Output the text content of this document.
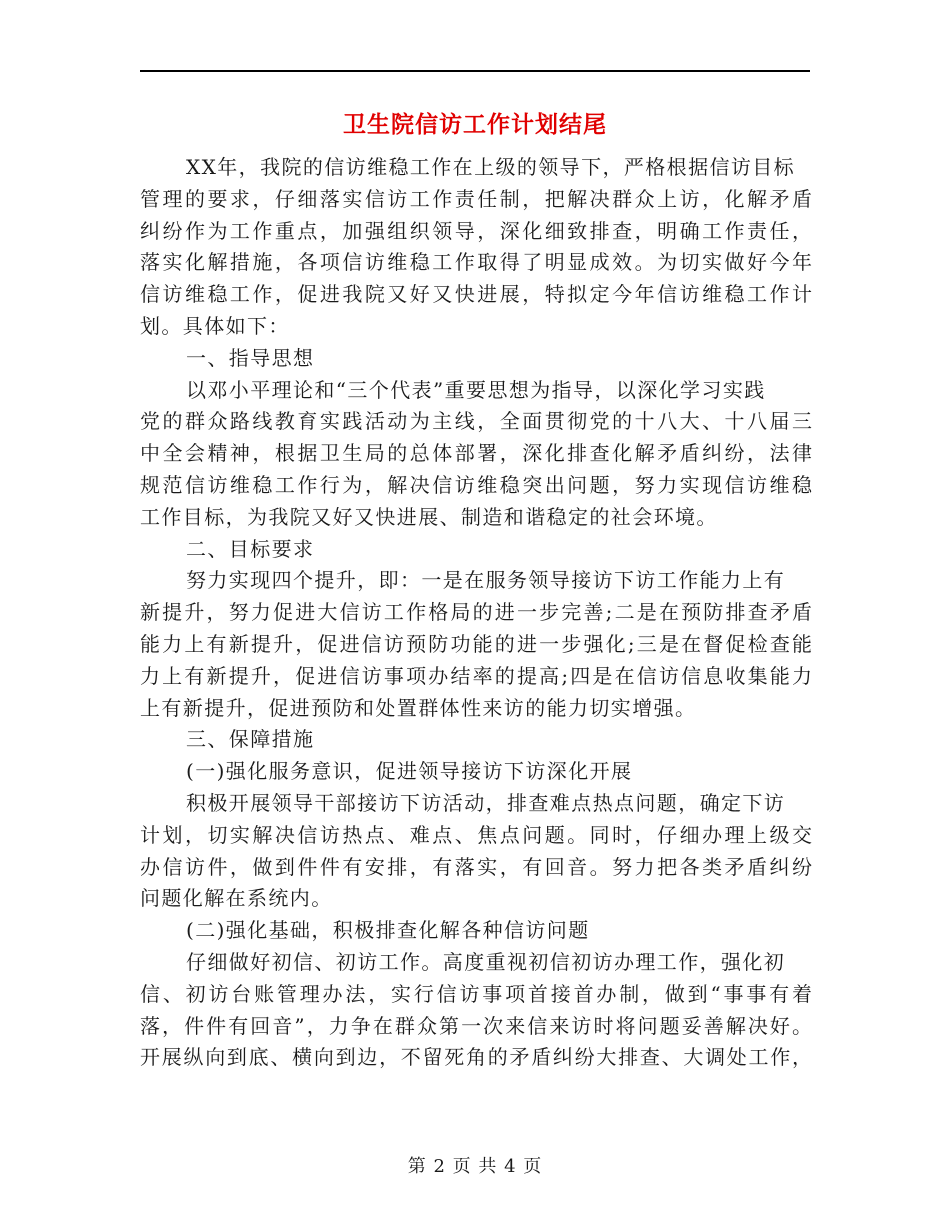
卫生院信访工作计划结尾
XX年，我院的信访维稳工作在上级的领导下，严格根据信访目标
管理的要求，仔细落实信访工作责任制，把解决群众上访，化解矛盾
纠纷作为工作重点，加强组织领导，深化细致排查，明确工作责任，
落实化解措施，各项信访维稳工作取得了明显成效。为切实做好今年
信访维稳工作，促进我院又好又快进展，特拟定今年信访维稳工作计
划。具体如下：
一、指导思想
以邓小平理论和“三个代表”重要思想为指导，以深化学习实践
党的群众路线教育实践活动为主线，全面贯彻党的十八大、十八届三
中全会精神，根据卫生局的总体部署，深化排查化解矛盾纠纷，法律
规范信访维稳工作行为，解决信访维稳突出问题，努力实现信访维稳
工作目标，为我院又好又快进展、制造和谐稳定的社会环境。
二、目标要求
努力实现四个提升，即：一是在服务领导接访下访工作能力上有
新提升，努力促进大信访工作格局的进一步完善;二是在预防排查矛盾
能力上有新提升，促进信访预防功能的进一步强化;三是在督促检查能
力上有新提升，促进信访事项办结率的提高;四是在信访信息收集能力
上有新提升，促进预防和处置群体性来访的能力切实增强。
三、保障措施
(一)强化服务意识，促进领导接访下访深化开展
积极开展领导干部接访下访活动，排查难点热点问题，确定下访
计划，切实解决信访热点、难点、焦点问题。同时，仔细办理上级交
办信访件，做到件件有安排，有落实，有回音。努力把各类矛盾纠纷
问题化解在系统内。
(二)强化基础，积极排查化解各种信访问题
仔细做好初信、初访工作。高度重视初信初访办理工作，强化初
信、初访台账管理办法，实行信访事项首接首办制，做到“事事有着
落，件件有回音”，力争在群众第一次来信来访时将问题妥善解决好。
开展纵向到底、横向到边，不留死角的矛盾纠纷大排查、大调处工作，
第 2 页 共 4 页
